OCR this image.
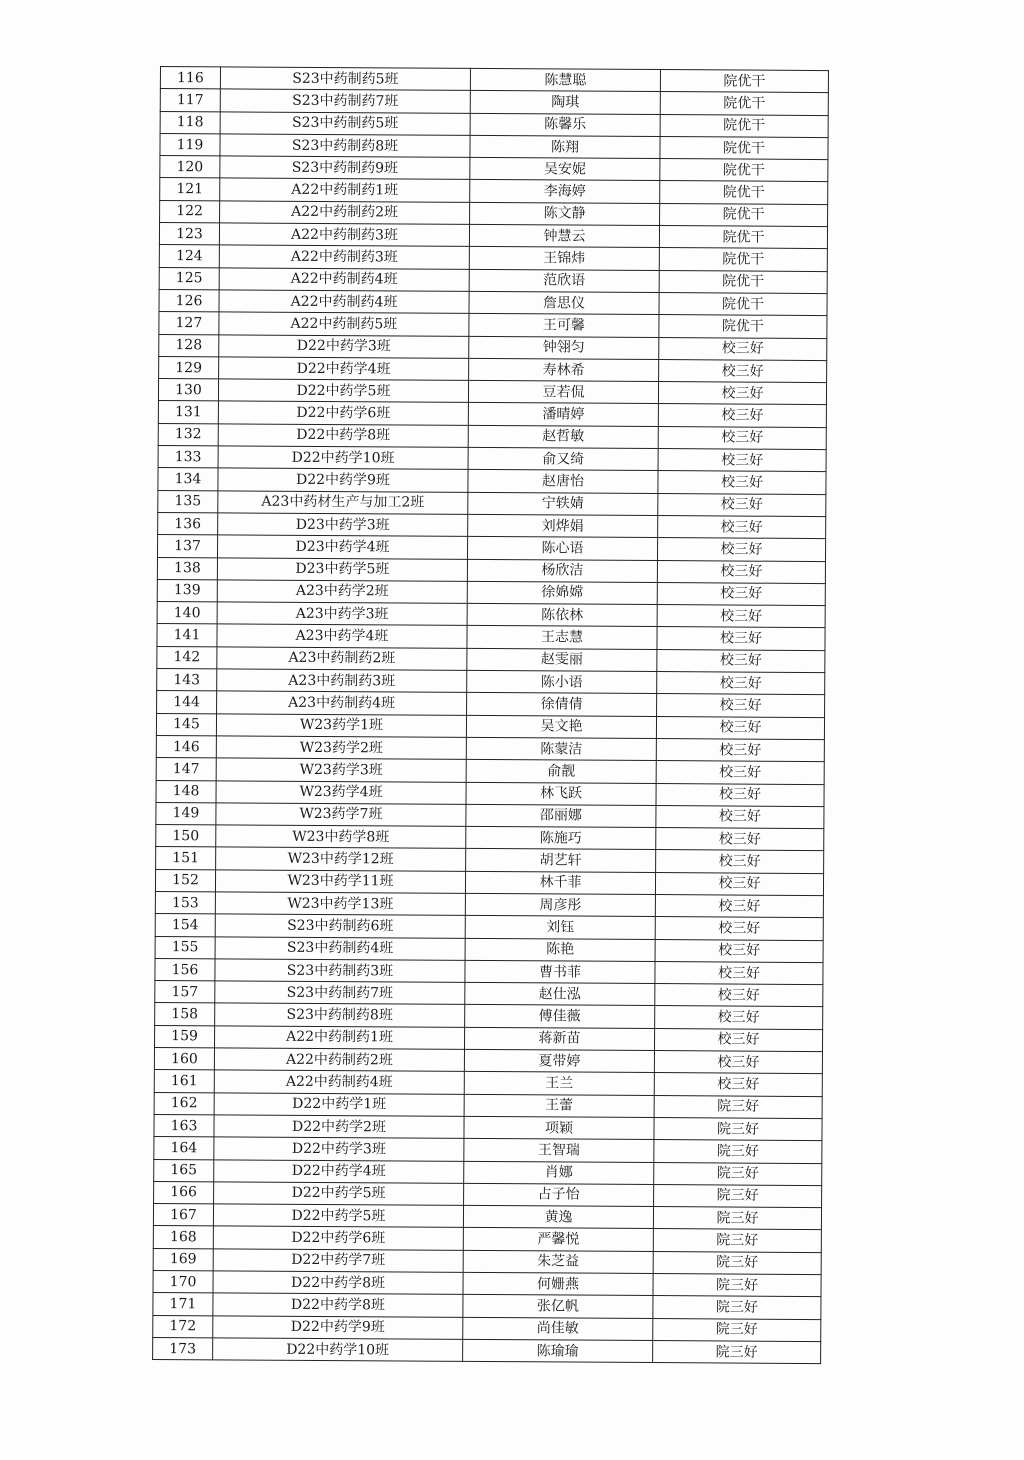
116	S23中药制药5班	陈慧聪	院优干
117	S23中药制药7班	陶琪	院优干
118	S23中药制药5班	陈馨乐	院优干
119	S23中药制药8班	陈翔	院优干
120	S23中药制药9班	吴安妮	院优干
121	A22中药制药1班	李海婷	院优干
122	A22中药制药2班	陈文静	院优干
123	A22中药制药3班	钟慧云	院优干
124	A22中药制药3班	王锦炜	院优干
125	A22中药制药4班	范欣语	院优干
126	A22中药制药4班	詹思仪	院优干
127	A22中药制药5班	王可馨	院优干
128	D22中药学3班	钟翎匀	校三好
129	D22中药学4班	寿林希	校三好
130	D22中药学5班	豆若侃	校三好
131	D22中药学6班	潘晴婷	校三好
132	D22中药学8班	赵哲敏	校三好
133	D22中药学10班	俞又绮	校三好
134	D22中药学9班	赵唐怡	校三好
135	A23中药材生产与加工2班	宁轶婧	校三好
136	D23中药学3班	刘烨娟	校三好
137	D23中药学4班	陈心语	校三好
138	D23中药学5班	杨欣洁	校三好
139	A23中药学2班	徐婂嫦	校三好
140	A23中药学3班	陈依林	校三好
141	A23中药学4班	王志慧	校三好
142	A23中药制药2班	赵雯丽	校三好
143	A23中药制药3班	陈小语	校三好
144	A23中药制药4班	徐倩倩	校三好
145	W23药学1班	吴文艳	校三好
146	W23药学2班	陈蒙洁	校三好
147	W23药学3班	俞靓	校三好
148	W23药学4班	林飞跃	校三好
149	W23药学7班	邵丽娜	校三好
150	W23中药学8班	陈施巧	校三好
151	W23中药学12班	胡艺轩	校三好
152	W23中药学11班	林千菲	校三好
153	W23中药学13班	周彦彤	校三好
154	S23中药制药6班	刘钰	校三好
155	S23中药制药4班	陈艳	校三好
156	S23中药制药3班	曹书菲	校三好
157	S23中药制药7班	赵仕泓	校三好
158	S23中药制药8班	傅佳薇	校三好
159	A22中药制药1班	蒋新苗	校三好
160	A22中药制药2班	夏带婷	校三好
161	A22中药制药4班	王兰	校三好
162	D22中药学1班	王蕾	院三好
163	D22中药学2班	项颖	院三好
164	D22中药学3班	王智瑞	院三好
165	D22中药学4班	肖娜	院三好
166	D22中药学5班	占子怡	院三好
167	D22中药学5班	黄逸	院三好
168	D22中药学6班	严馨悦	院三好
169	D22中药学7班	朱芝益	院三好
170	D22中药学8班	何姗燕	院三好
171	D22中药学8班	张亿帆	院三好
172	D22中药学9班	尚佳敏	院三好
173	D22中药学10班	陈瑜瑜	院三好
